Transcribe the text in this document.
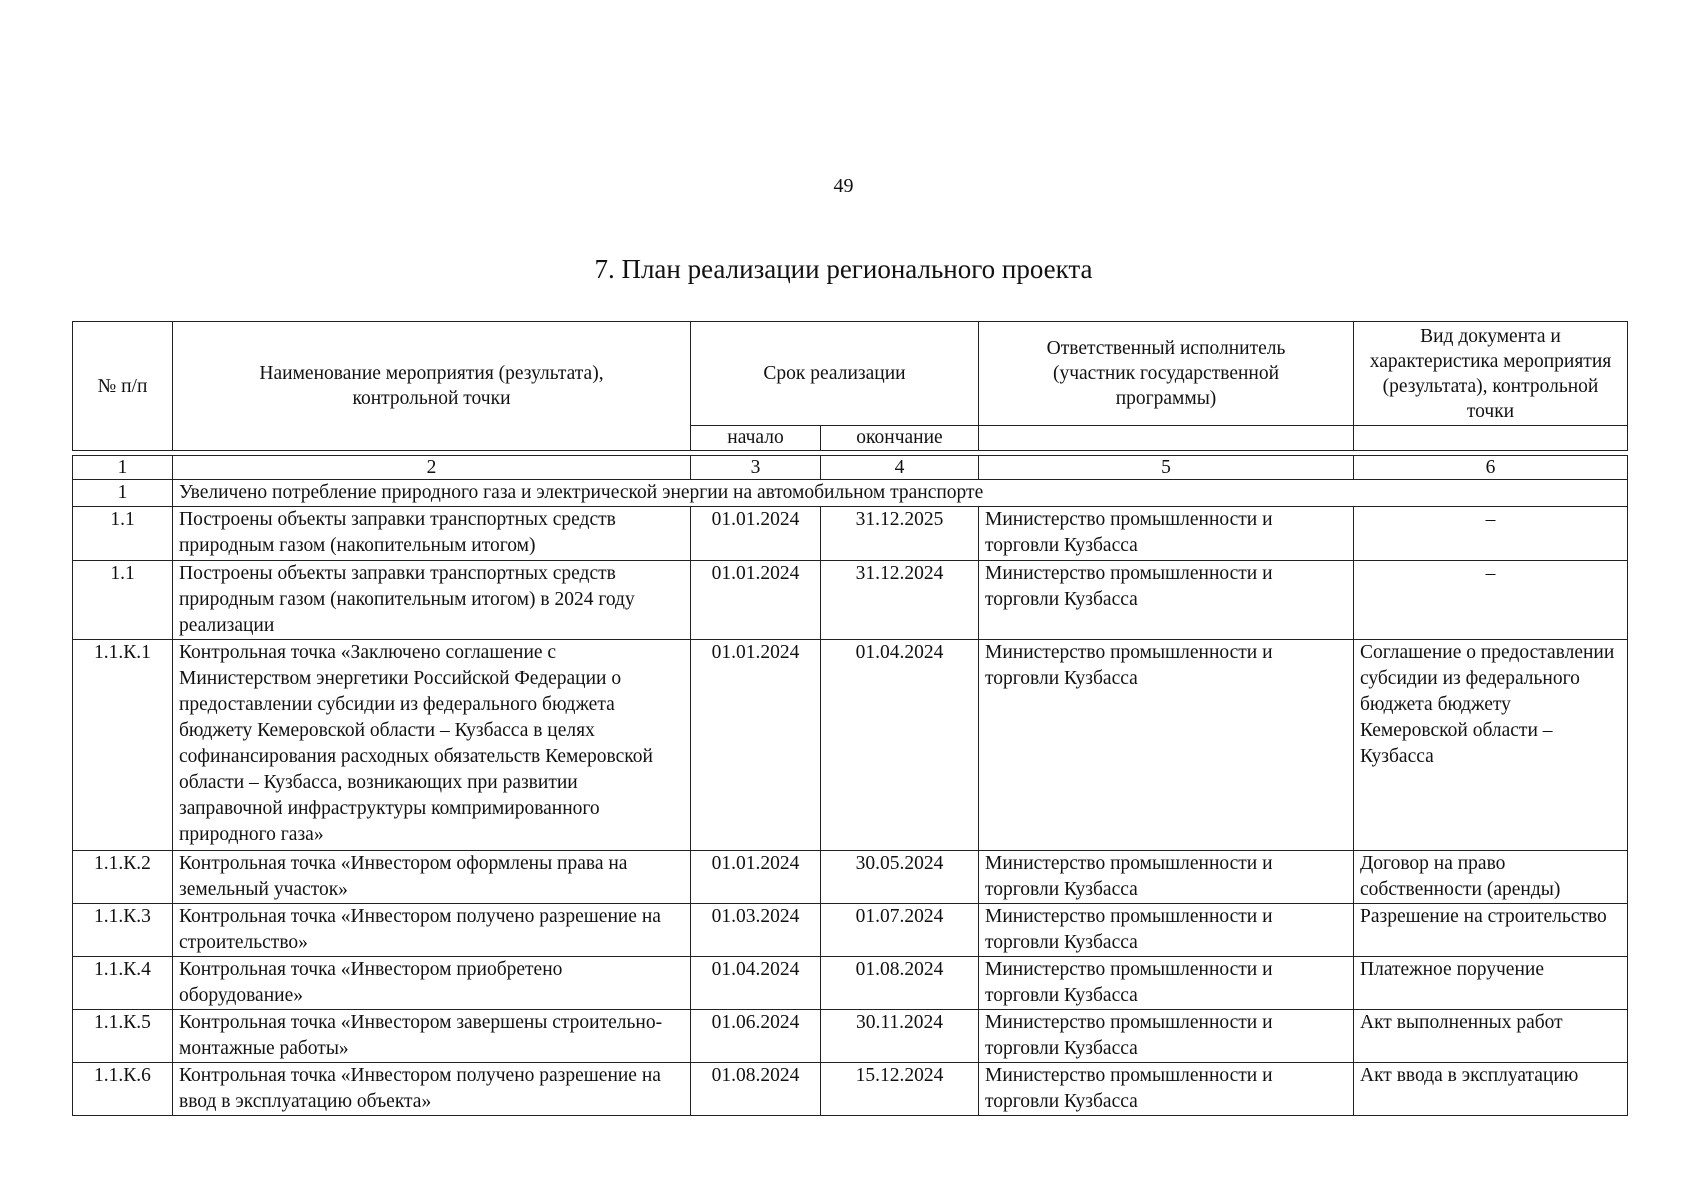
49
7. План реализации регионального проекта
№ п/п	Наименование мероприятия (результата), контрольной точки	Срок реализации		Ответственный исполнитель (участник государственной программы)	Вид документа и характеристика мероприятия (результата), контрольной точки
		начало	окончание		
1	2	3	4	5	6
1	Увеличено потребление природного газа и электрической энергии на автомобильном транспорте				
1.1	Построены объекты заправки транспортных средств природным газом (накопительным итогом)	01.01.2024	31.12.2025	Министерство промышленности и торговли Кузбасса	–
1.1	Построены объекты заправки транспортных средств природным газом (накопительным итогом) в 2024 году реализации	01.01.2024	31.12.2024	Министерство промышленности и торговли Кузбасса	–
1.1.К.1	Контрольная точка «Заключено соглашение с Министерством энергетики Российской Федерации о предоставлении субсидии из федерального бюджета бюджету Кемеровской области – Кузбасса в целях софинансирования расходных обязательств Кемеровской области – Кузбасса, возникающих при развитии заправочной инфраструктуры компримированного природного газа»	01.01.2024	01.04.2024	Министерство промышленности и торговли Кузбасса	Соглашение о предоставлении субсидии из федерального бюджета бюджету Кемеровской области – Кузбасса
1.1.К.2	Контрольная точка «Инвестором оформлены права на земельный участок»	01.01.2024	30.05.2024	Министерство промышленности и торговли Кузбасса	Договор на право собственности (аренды)
1.1.К.3	Контрольная точка «Инвестором получено разрешение на строительство»	01.03.2024	01.07.2024	Министерство промышленности и торговли Кузбасса	Разрешение на строительство
1.1.К.4	Контрольная точка «Инвестором приобретено оборудование»	01.04.2024	01.08.2024	Министерство промышленности и торговли Кузбасса	Платежное поручение
1.1.К.5	Контрольная точка «Инвестором завершены строительно-монтажные работы»	01.06.2024	30.11.2024	Министерство промышленности и торговли Кузбасса	Акт выполненных работ
1.1.К.6	Контрольная точка «Инвестором получено разрешение на ввод в эксплуатацию объекта»	01.08.2024	15.12.2024	Министерство промышленности и торговли Кузбасса	Акт ввода в эксплуатацию
